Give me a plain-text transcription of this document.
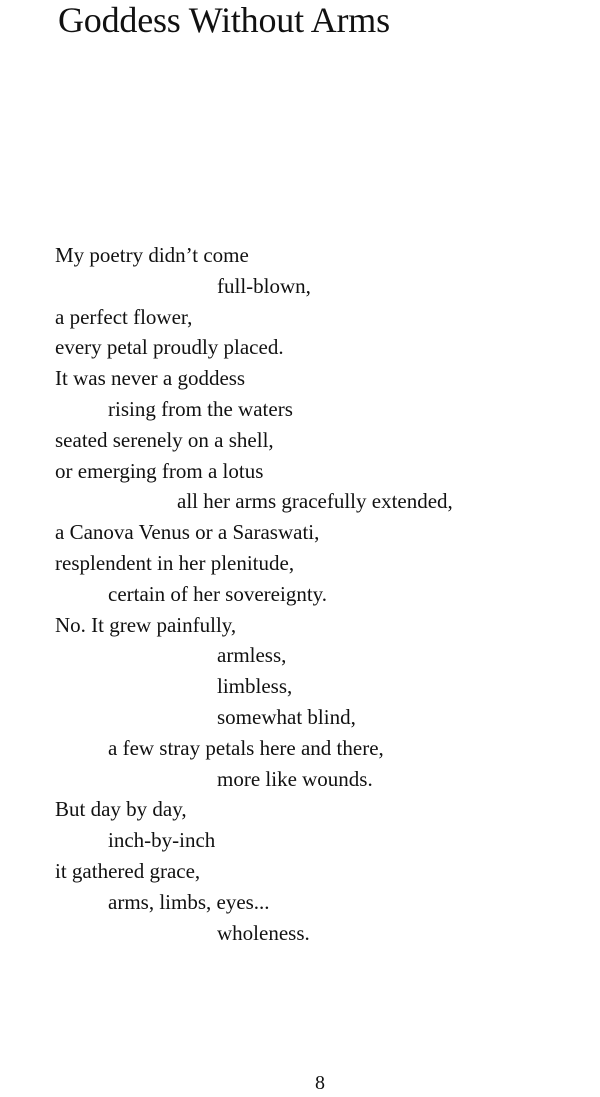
Goddess Without Arms
My poetry didn’t come
full-blown,
a perfect flower,
every petal proudly placed.
It was never a goddess
rising from the waters
seated serenely on a shell,
or emerging from a lotus
all her arms gracefully extended,
a Canova Venus or a Saraswati,
resplendent in her plenitude,
certain of her sovereignty.
No. It grew painfully,
armless,
limbless,
somewhat blind,
a few stray petals here and there,
more like wounds.
But day by day,
inch-by-inch
it gathered grace,
arms, limbs, eyes...
wholeness.
8
